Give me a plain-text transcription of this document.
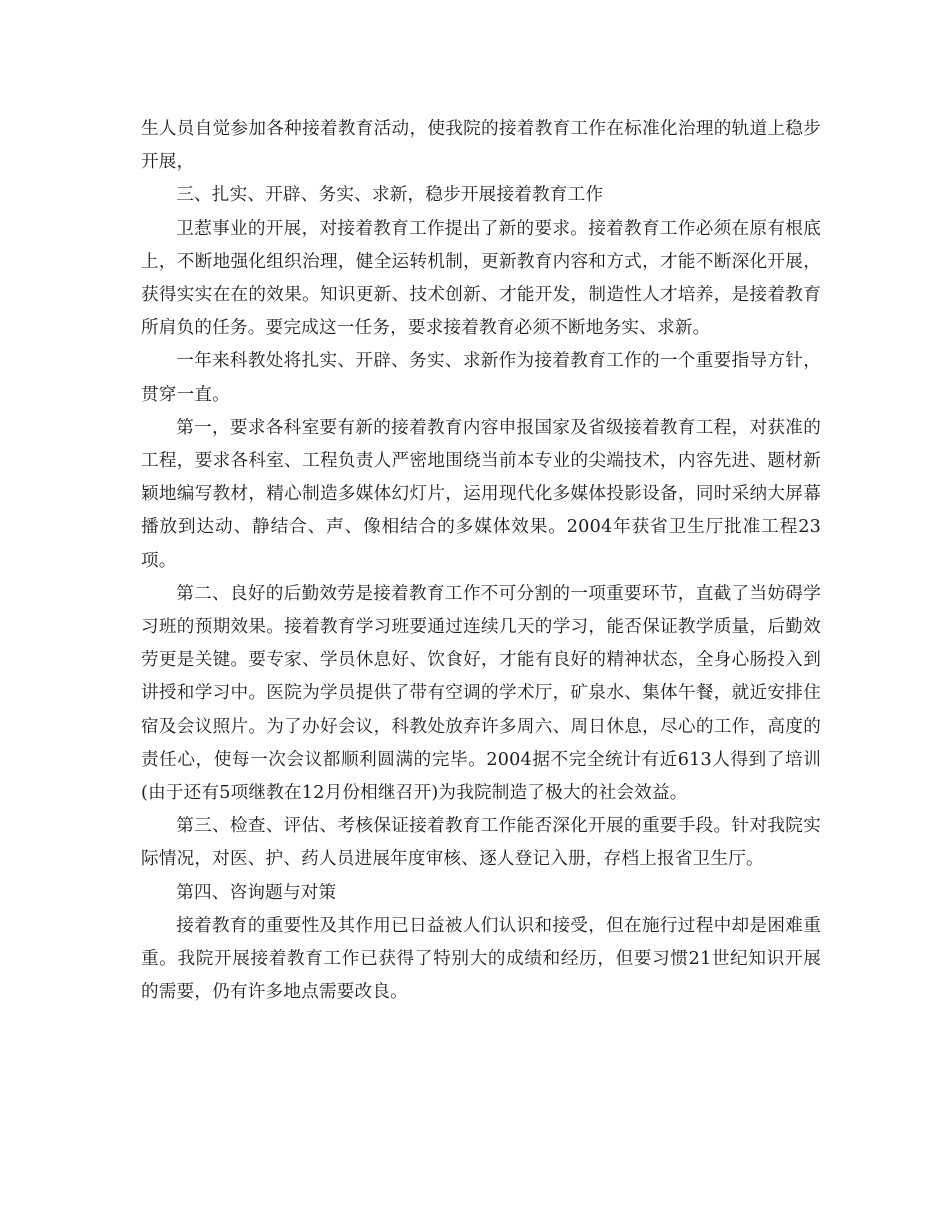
生人员自觉参加各种接着教育活动，使我院的接着教育工作在标准化治理的轨道上稳步开展，

三、扎实、开辟、务实、求新，稳步开展接着教育工作

卫惹事业的开展，对接着教育工作提出了新的要求。接着教育工作必须在原有根底上，不断地强化组织治理，健全运转机制，更新教育内容和方式，才能不断深化开展，获得实实在在的效果。知识更新、技术创新、才能开发，制造性人才培养，是接着教育所肩负的任务。要完成这一任务，要求接着教育必须不断地务实、求新。

一年来科教处将扎实、开辟、务实、求新作为接着教育工作的一个重要指导方针，贯穿一直。

第一，要求各科室要有新的接着教育内容申报国家及省级接着教育工程，对获准的工程，要求各科室、工程负责人严密地围绕当前本专业的尖端技术，内容先进、题材新颖地编写教材，精心制造多媒体幻灯片，运用现代化多媒体投影设备，同时采纳大屏幕播放到达动、静结合、声、像相结合的多媒体效果。2004年获省卫生厅批准工程23项。

第二、良好的后勤效劳是接着教育工作不可分割的一项重要环节，直截了当妨碍学习班的预期效果。接着教育学习班要通过连续几天的学习，能否保证教学质量，后勤效劳更是关键。要专家、学员休息好、饮食好，才能有良好的精神状态，全身心肠投入到讲授和学习中。医院为学员提供了带有空调的学术厅，矿泉水、集体午餐，就近安排住宿及会议照片。为了办好会议，科教处放弃许多周六、周日休息，尽心的工作，高度的责任心，使每一次会议都顺利圆满的完毕。2004据不完全统计有近613人得到了培训(由于还有5项继教在12月份相继召开)为我院制造了极大的社会效益。

第三、检查、评估、考核保证接着教育工作能否深化开展的重要手段。针对我院实际情况，对医、护、药人员进展年度审核、逐人登记入册，存档上报省卫生厅。

第四、咨询题与对策

接着教育的重要性及其作用已日益被人们认识和接受，但在施行过程中却是困难重重。我院开展接着教育工作已获得了特别大的成绩和经历，但要习惯21世纪知识开展的需要，仍有许多地点需要改良。
